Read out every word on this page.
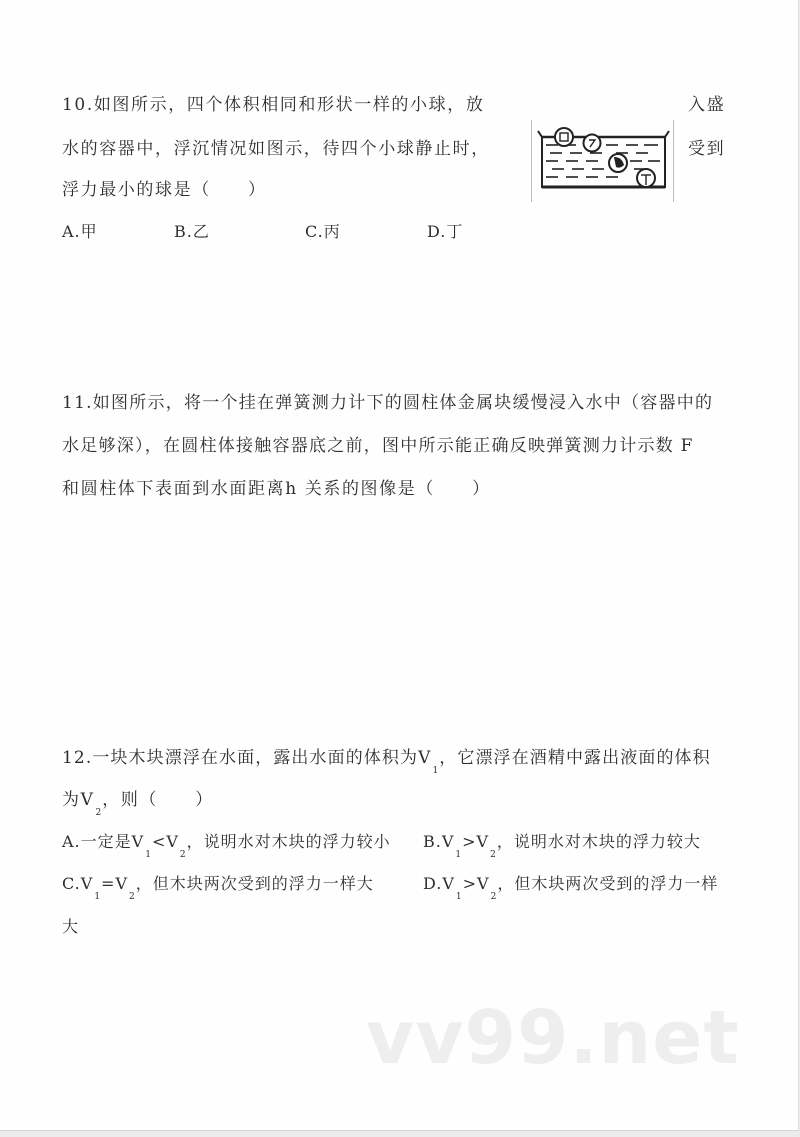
10.如图所示，四个体积相同和形状一样的小球，放
水的容器中，浮沉情况如图示，待四个小球静止时，
浮力最小的球是（　　）
入盛
受到
A.甲	B.乙	C.丙	D.丁
11.如图所示，将一个挂在弹簧测力计下的圆柱体金属块缓慢浸入水中（容器中的
水足够深），在圆柱体接触容器底之前，图中所示能正确反映弹簧测力计示数 F
和圆柱体下表面到水面距离h 关系的图像是（　　）
12.一块木块漂浮在水面，露出水面的体积为$V_1$，它漂浮在酒精中露出液面的体积
为$V_2$，则（　　）
A.一定是$V_1<V_2$，说明水对木块的浮力较小 $B.V_1>V_2$，说明水对木块的浮力较大
$C.V_1=V_2$，但木块两次受到的浮力一样大	$D.V_1>V_2$，但木块两次受到的浮力一样
大
vv99.net
